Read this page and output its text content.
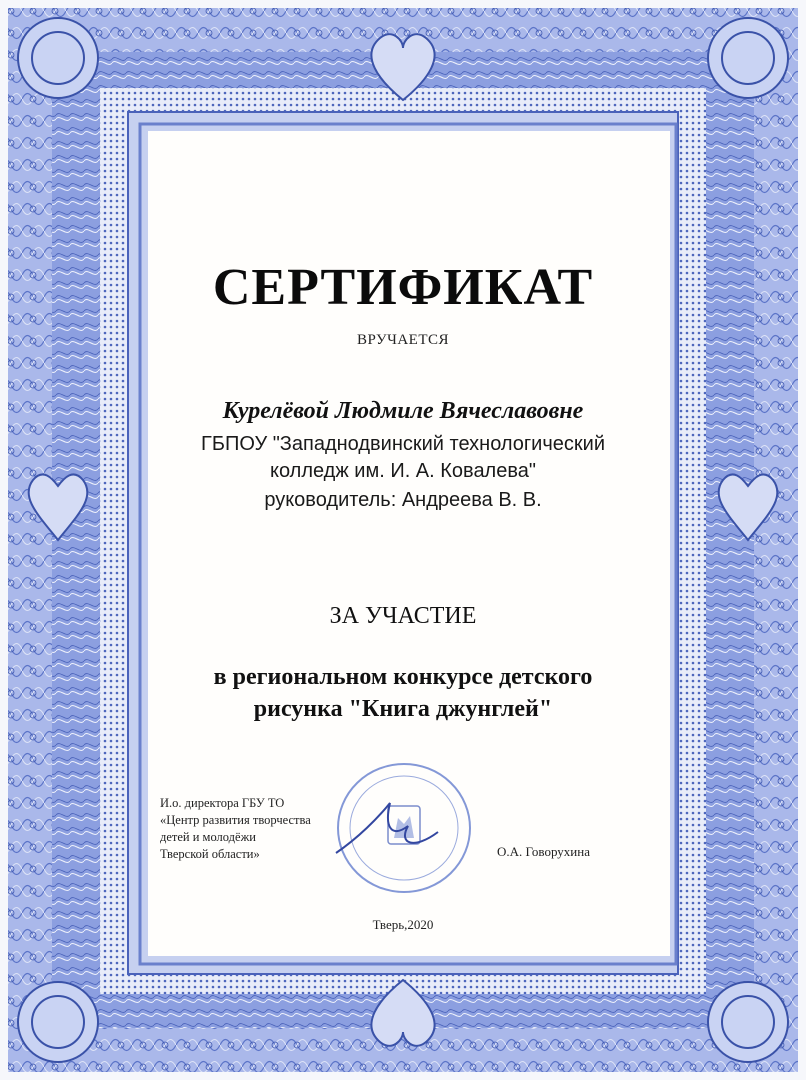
СЕРТИФИКАТ
ВРУЧАЕТСЯ
Курелёвой Людмиле Вячеславовне
ГБПОУ "Западнодвинский технологический
колледж им. И. А. Ковалева"
руководитель: Андреева В. В.
ЗА УЧАСТИЕ
в региональном конкурсе детского
рисунка "Книга джунглей"
И.о. директора ГБУ ТО
«Центр развития творчества
детей и молодёжи
Тверской области»	О.А. Говорухина
Тверь,2020
